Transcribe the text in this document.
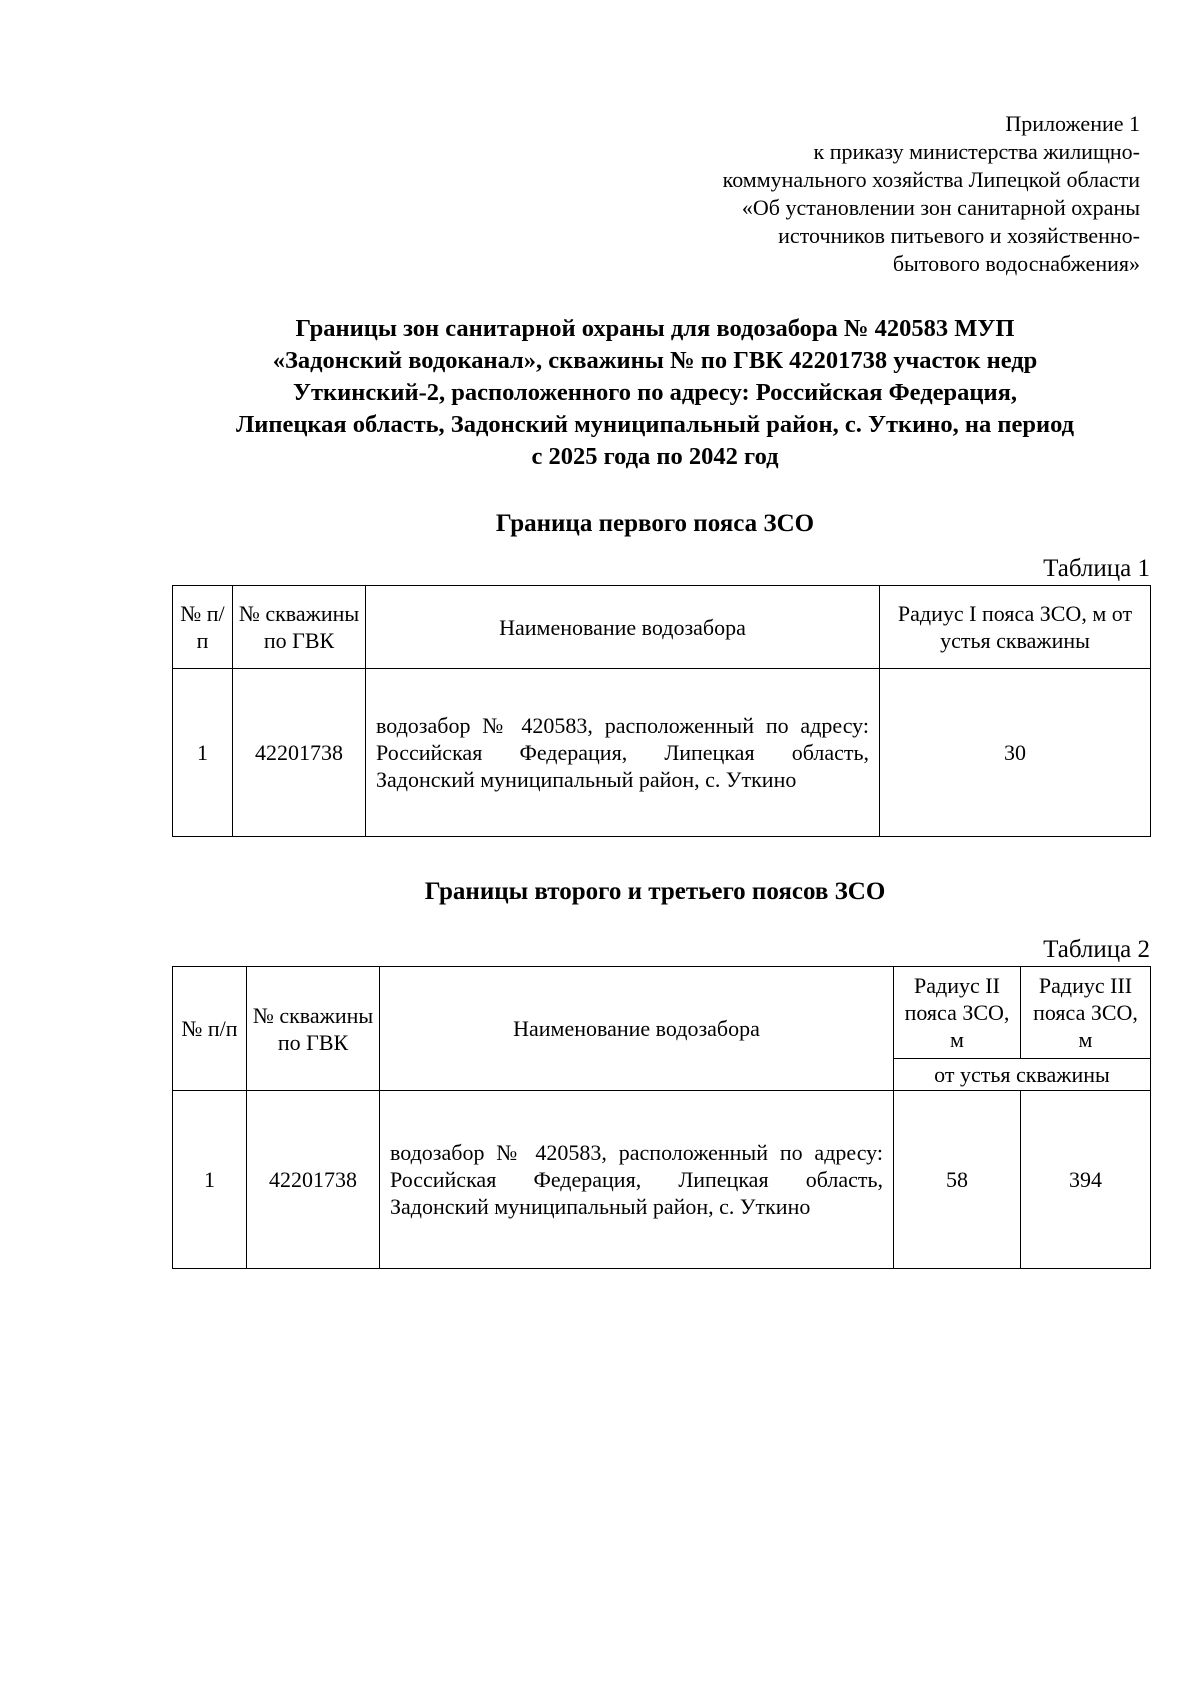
Приложение 1
к приказу министерства жилищно-
коммунального хозяйства Липецкой области
«Об установлении зон санитарной охраны
источников питьевого и хозяйственно-
бытового водоснабжения»
Границы зон санитарной охраны для водозабора № 420583 МУП
«Задонский водоканал», скважины № по ГВК 42201738 участок недр
Уткинский-2, расположенного по адресу: Российская Федерация,
Липецкая область, Задонский муниципальный район, с. Уткино, на период
с 2025 года по 2042 год
Граница первого пояса ЗСО
Таблица 1
№ п/п	№ скважины по ГВК	Наименование водозабора	Радиус I пояса ЗСО, м от устья скважины
1	42201738	водозабор № 420583, расположенный по адресу: Российская Федерация, Липецкая область, Задонский муниципальный район, с. Уткино	30
Границы второго и третьего поясов ЗСО
Таблица 2
№ п/п	№ скважины по ГВК	Наименование водозабора	Радиус II пояса ЗСО, м	Радиус III пояса ЗСО, м
			от устья скважины	
1	42201738	водозабор № 420583, расположенный по адресу: Российская Федерация, Липецкая область, Задонский муниципальный район, с. Уткино	58	394
